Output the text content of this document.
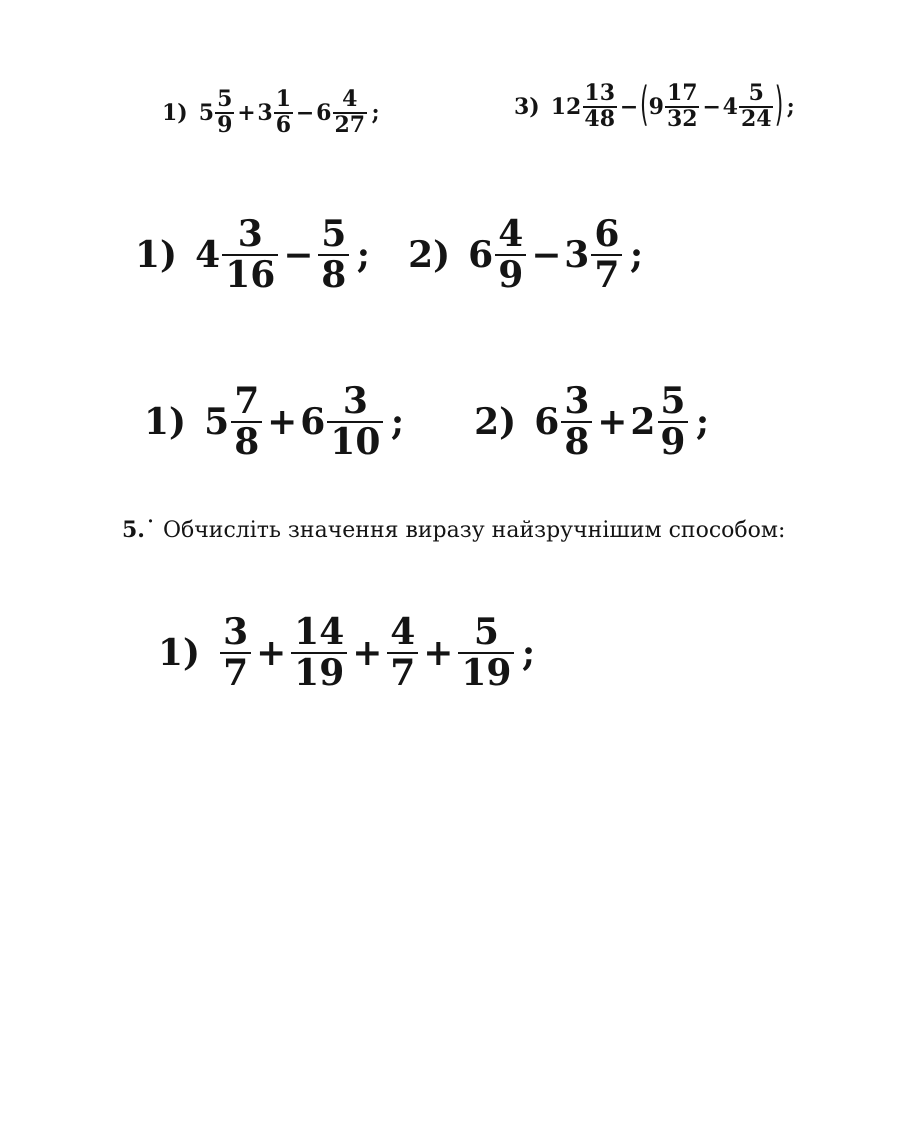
1) $5 \frac{5}{9} + 3 \frac{1}{6} - 6 \frac{4}{27}$ ;	3) $12 \frac{13}{48}$ − ( $9 \frac{17}{32} - 4 \frac{5}{24}$ ) ;
1) $4 \frac{3}{16} - \frac{5}{8}$ ; 2) $6 \frac{4}{9} - 3 \frac{6}{7}$ ;
1) $5 \frac{7}{8} + 6 \frac{3}{10}$ ; 2) $6 \frac{3}{8} + 2 \frac{5}{9}$ ;
5.˙ Обчисліть значення виразу найзручнішим способом:
$1) \frac{3}{7} + \frac{14}{19} + \frac{4}{7} + \frac{5}{19}$ ;
